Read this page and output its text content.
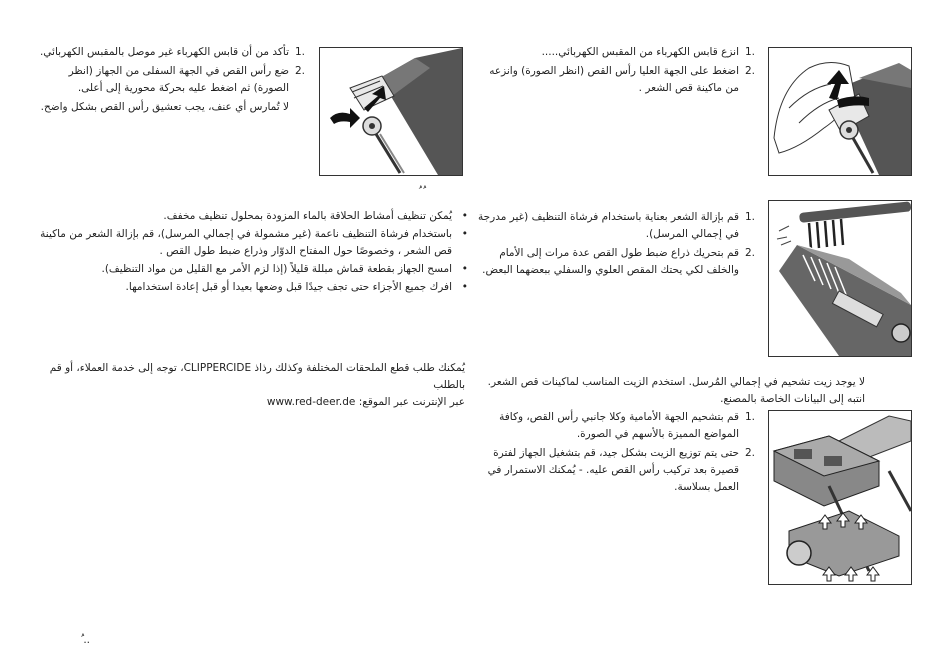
1.
تأكد من أن قابس الكهرباء غير موصل بالمقبس الكهربائي.
2.
ضع رأس القص في الجهة السفلى من الجهاز (انظر الصورة) ثم اضغط عليه بحركة محورية إلى أعلى.
لا تُمارس أي عنف، يجب تعشيق رأس القص بشكل واضح.
ُ ُ
•
يُمكن تنظيف أمشاط الحلاقة بالماء المزودة بمحلول تنظيف مخفف.
•
باستخدام فرشاة التنظيف ناعمة (غير مشمولة في إجمالي المرسل)، قم بإزالة الشعر من ماكينة قص الشعر ، وخصوصًا حول المفتاح الدوّار وذراع ضبط طول القص .
•
امسح الجهاز بقطعة قماش مبللة قليلاً (إذا لزم الأمر مع القليل من مواد التنظيف).
•
افرك جميع الأجزاء حتى تجف جيدًا قبل وضعها بعيدا أو قبل إعادة استخدامها.
يُمكنك طلب قطع الملحقات المختلفة وكذلك رذاذ CLIPPERCIDE، توجه إلى خدمة العملاء، أو قم بالطلب
عبر الإنترنت عبر الموقع: www.red-deer.de
ُ ..
1.
انزع قابس الكهرباء من المقبس الكهربائي.....
2.
اضغط على الجهة العليا رأس القص (انظر الصورة) وانزعه من ماكينة قص الشعر .
1.
قم بإزالة الشعر بعناية باستخدام فرشاة التنظيف (غير مدرجة في إجمالي المرسل).
2.
قم بتحريك ذراع ضبط طول القص عدة مرات إلى الأمام والخلف لكي يحتك المقص العلوي والسفلي ببعضهما البعض.
لا يوجد زيت تشحيم في إجمالي المُرسل. استخدم الزيت المناسب لماكينات قص الشعر. انتبه إلى البيانات الخاصة بالمصنع.
1.
قم بتشحيم الجهة الأمامية وكلا جانبي رأس القص، وكافة المواضع المميزة بالأسهم في الصورة.
2.
حتى يتم توزيع الزيت بشكل جيد، قم بتشغيل الجهاز لفترة قصيرة بعد تركيب رأس القص عليه. - يُمكنك الاستمرار في العمل بسلاسة.
